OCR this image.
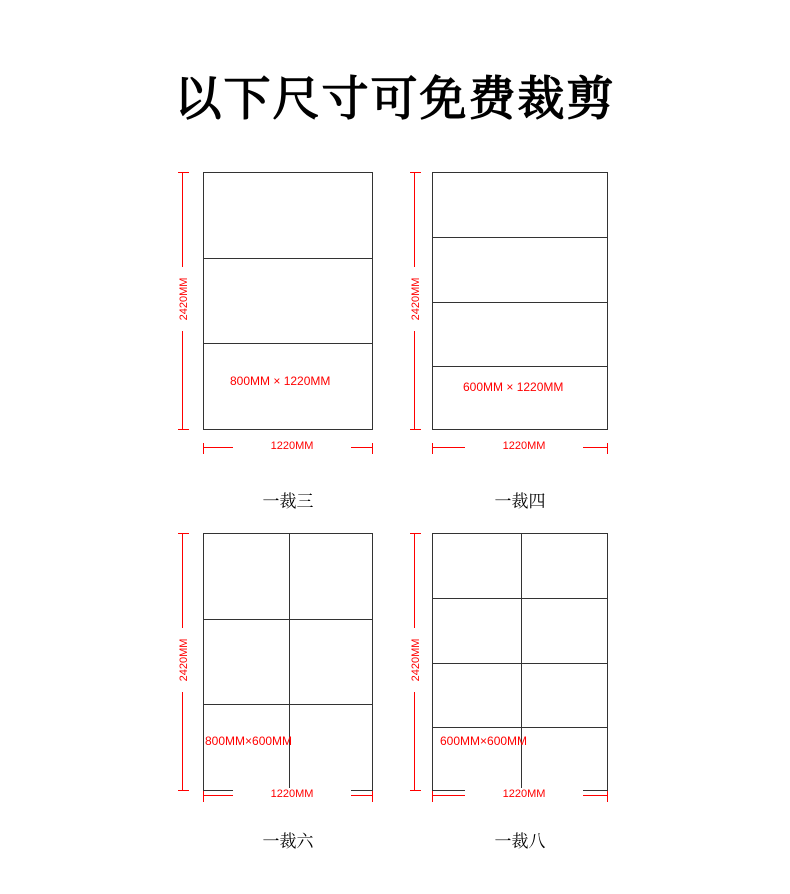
以下尺寸可免费裁剪
2420MM
1220MM
800MM × 1220MM
一裁三
2420MM
1220MM
600MM × 1220MM
一裁四
2420MM
1220MM
800MM×600MM
一裁六
2420MM
1220MM
600MM×600MM
一裁八
